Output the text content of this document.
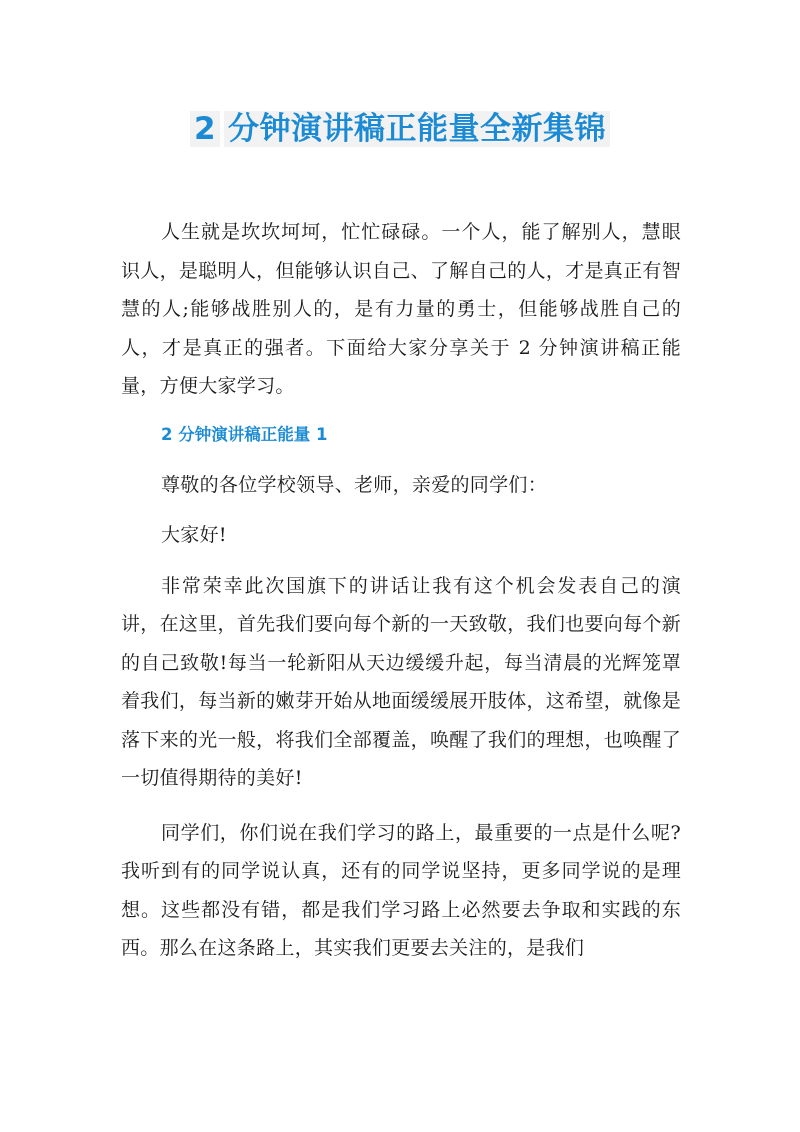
2 分钟演讲稿正能量全新集锦

人生就是坎坎坷坷，忙忙碌碌。一个人，能了解别人，慧眼识人，是聪明人，但能够认识自己、了解自己的人，才是真正有智慧的人;能够战胜别人的，是有力量的勇士，但能够战胜自己的人，才是真正的强者。下面给大家分享关于 2 分钟演讲稿正能量，方便大家学习。

2 分钟演讲稿正能量 1

尊敬的各位学校领导、老师，亲爱的同学们：

大家好!

非常荣幸此次国旗下的讲话让我有这个机会发表自己的演讲，在这里，首先我们要向每个新的一天致敬，我们也要向每个新的自己致敬!每当一轮新阳从天边缓缓升起，每当清晨的光辉笼罩着我们，每当新的嫩芽开始从地面缓缓展开肢体，这希望，就像是落下来的光一般，将我们全部覆盖，唤醒了我们的理想，也唤醒了一切值得期待的美好!

同学们，你们说在我们学习的路上，最重要的一点是什么呢?我听到有的同学说认真，还有的同学说坚持，更多同学说的是理想。这些都没有错，都是我们学习路上必然要去争取和实践的东西。那么在这条路上，其实我们更要去关注的，是我们
